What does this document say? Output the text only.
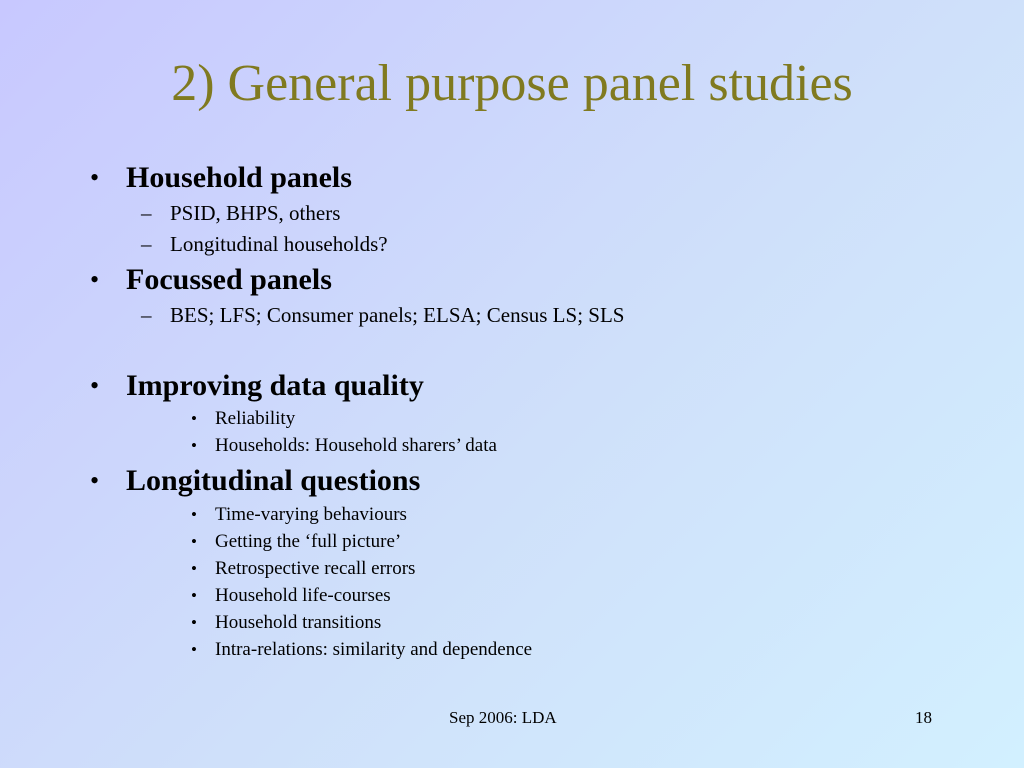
2) General purpose panel studies
• Household panels
– PSID, BHPS, others
– Longitudinal households?
• Focussed panels
– BES; LFS; Consumer panels; ELSA; Census LS; SLS
• Improving data quality
• Reliability
• Households: Household sharers’ data
• Longitudinal questions
• Time-varying behaviours
• Getting the ‘full picture’
• Retrospective recall errors
• Household life-courses
• Household transitions
• Intra-relations: similarity and dependence
Sep 2006: LDA	18
